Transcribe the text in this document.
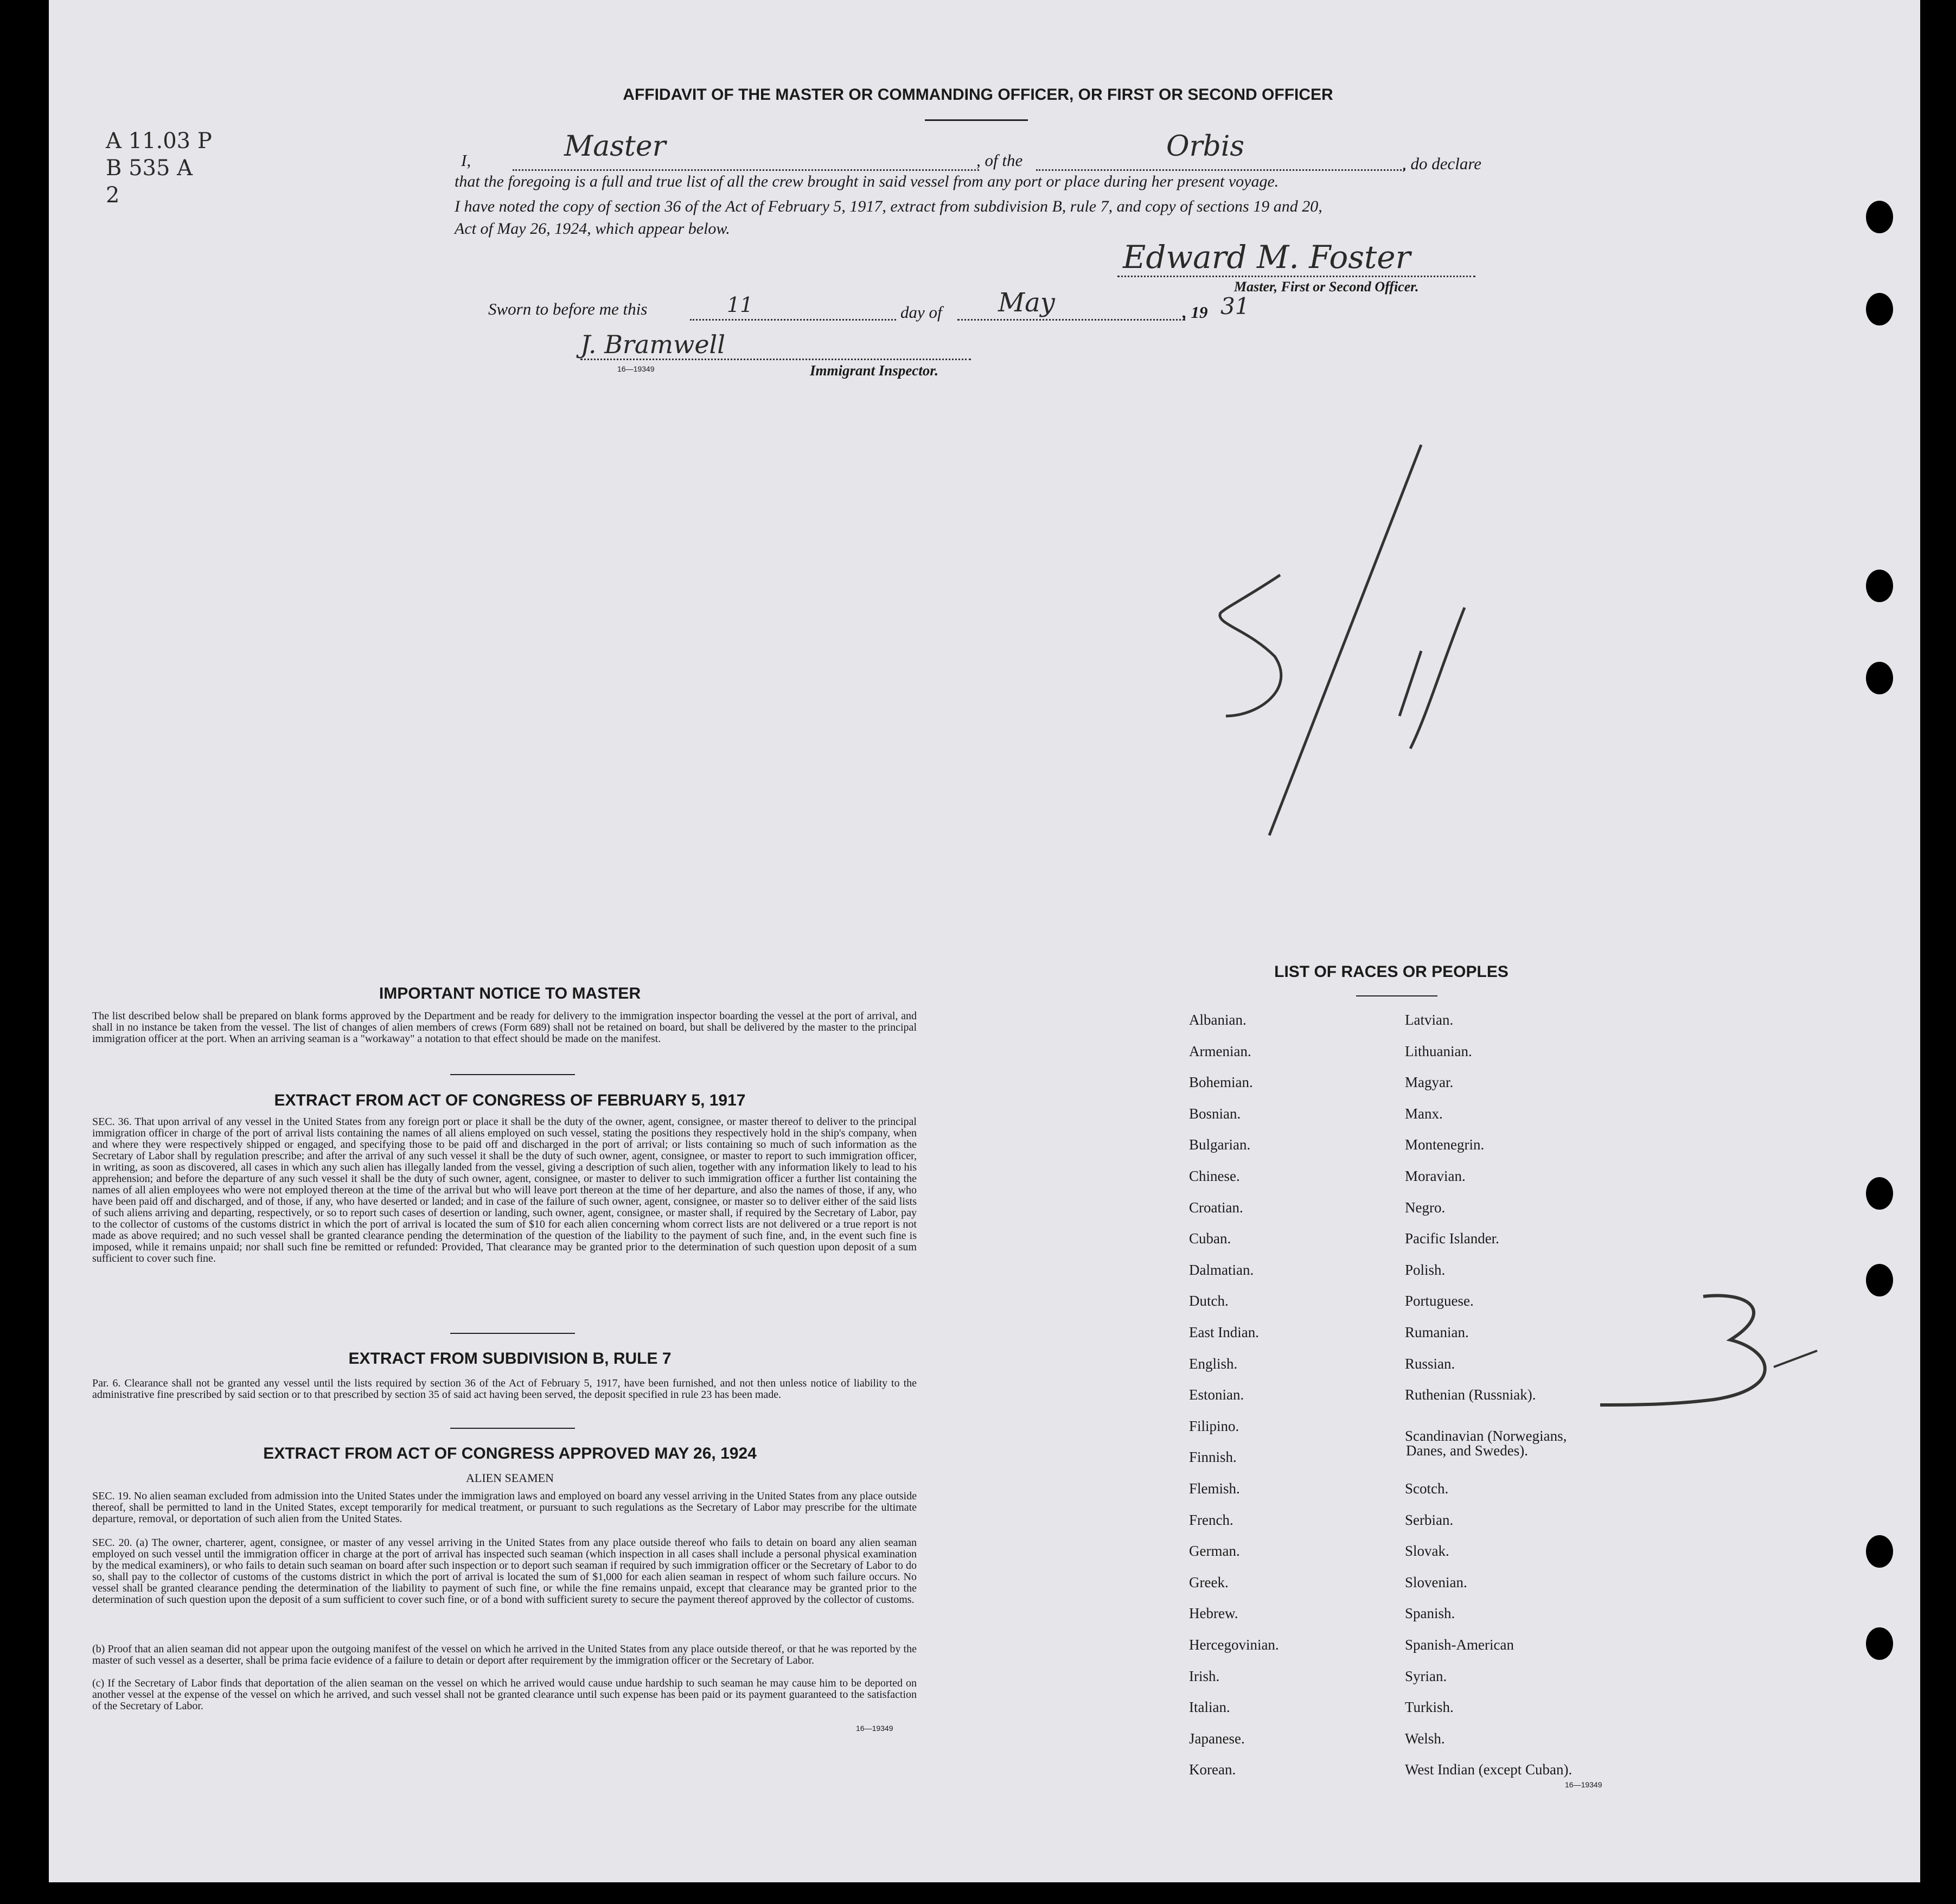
A 11.03 P
B 535 A
2
AFFIDAVIT OF THE MASTER OR COMMANDING OFFICER, OR FIRST OR SECOND OFFICER
I,	Master	, of the	Orbis
, do declare
that the foregoing is a full and true list of all the crew brought in said vessel from any port or place during her present voyage.
I have noted the copy of section 36 of the Act of February 5, 1917, extract from subdivision B, rule 7, and copy of sections 19 and 20,
Act of May 26, 1924, which appear below.
Edward M. Foster
Master, First or Second Officer.
Sworn to before me this	11	day of May	, 19 31
J. Bramwell
16—19349	Immigrant Inspector.
IMPORTANT NOTICE TO MASTER
The list described below shall be prepared on blank forms approved by the Department and be ready for delivery to the immigration inspector boarding the vessel at the port of arrival, and shall in no instance be taken from the vessel. The list of changes of alien members of crews (Form 689) shall not be retained on board, but shall be delivered by the master to the principal immigration officer at the port. When an arriving seaman is a "workaway" a notation to that effect should be made on the manifest.
EXTRACT FROM ACT OF CONGRESS OF FEBRUARY 5, 1917
SEC. 36. That upon arrival of any vessel in the United States from any foreign port or place it shall be the duty of the owner, agent, consignee, or master thereof to deliver to the principal immigration officer in charge of the port of arrival lists containing the names of all aliens employed on such vessel, stating the positions they respectively hold in the ship's company, when and where they were respectively shipped or engaged, and specifying those to be paid off and discharged in the port of arrival; or lists containing so much of such information as the Secretary of Labor shall by regulation prescribe; and after the arrival of any such vessel it shall be the duty of such owner, agent, consignee, or master to report to such immigration officer, in writing, as soon as discovered, all cases in which any such alien has illegally landed from the vessel, giving a description of such alien, together with any information likely to lead to his apprehension; and before the departure of any such vessel it shall be the duty of such owner, agent, consignee, or master to deliver to such immigration officer a further list containing the names of all alien employees who were not employed thereon at the time of the arrival but who will leave port thereon at the time of her departure, and also the names of those, if any, who have been paid off and discharged, and of those, if any, who have deserted or landed; and in case of the failure of such owner, agent, consignee, or master so to deliver either of the said lists of such aliens arriving and departing, respectively, or so to report such cases of desertion or landing, such owner, agent, consignee, or master shall, if required by the Secretary of Labor, pay to the collector of customs of the customs district in which the port of arrival is located the sum of $10 for each alien concerning whom correct lists are not delivered or a true report is not made as above required; and no such vessel shall be granted clearance pending the determination of the question of the liability to the payment of such fine, and, in the event such fine is imposed, while it remains unpaid; nor shall such fine be remitted or refunded: Provided, That clearance may be granted prior to the determination of such question upon deposit of a sum sufficient to cover such fine.
EXTRACT FROM SUBDIVISION B, RULE 7
Par. 6. Clearance shall not be granted any vessel until the lists required by section 36 of the Act of February 5, 1917, have been furnished, and not then unless notice of liability to the administrative fine prescribed by said section or to that prescribed by section 35 of said act having been served, the deposit specified in rule 23 has been made.
EXTRACT FROM ACT OF CONGRESS APPROVED MAY 26, 1924
ALIEN SEAMEN
SEC. 19. No alien seaman excluded from admission into the United States under the immigration laws and employed on board any vessel arriving in the United States from any place outside thereof, shall be permitted to land in the United States, except temporarily for medical treatment, or pursuant to such regulations as the Secretary of Labor may prescribe for the ultimate departure, removal, or deportation of such alien from the United States.
SEC. 20. (a) The owner, charterer, agent, consignee, or master of any vessel arriving in the United States from any place outside thereof who fails to detain on board any alien seaman employed on such vessel until the immigration officer in charge at the port of arrival has inspected such seaman (which inspection in all cases shall include a personal physical examination by the medical examiners), or who fails to detain such seaman on board after such inspection or to deport such seaman if required by such immigration officer or the Secretary of Labor to do so, shall pay to the collector of customs of the customs district in which the port of arrival is located the sum of $1,000 for each alien seaman in respect of whom such failure occurs. No vessel shall be granted clearance pending the determination of the liability to payment of such fine, or while the fine remains unpaid, except that clearance may be granted prior to the determination of such question upon the deposit of a sum sufficient to cover such fine, or of a bond with sufficient surety to secure the payment thereof approved by the collector of customs.
(b) Proof that an alien seaman did not appear upon the outgoing manifest of the vessel on which he arrived in the United States from any place outside thereof, or that he was reported by the master of such vessel as a deserter, shall be prima facie evidence of a failure to detain or deport after requirement by the immigration officer or the Secretary of Labor.
(c) If the Secretary of Labor finds that deportation of the alien seaman on the vessel on which he arrived would cause undue hardship to such seaman he may cause him to be deported on another vessel at the expense of the vessel on which he arrived, and such vessel shall not be granted clearance until such expense has been paid or its payment guaranteed to the satisfaction of the Secretary of Labor.
16—19349
LIST OF RACES OR PEOPLES
Albanian.
Armenian.
Bohemian.
Bosnian.
Bulgarian.
Chinese.
Croatian.
Cuban.
Dalmatian.
Dutch.
East Indian.
English.
Estonian.
Filipino.
Finnish.
Flemish.
French.
German.
Greek.
Hebrew.
Hercegovinian.
Irish.
Italian.
Japanese.
Korean.
Latvian.
Lithuanian.
Magyar.
Manx.
Montenegrin.
Moravian.
Negro.
Pacific Islander.
Polish.
Portuguese.
Rumanian.
Russian.
Ruthenian (Russniak).
Scandinavian (Norwegians,
Danes, and Swedes).
Scotch.
Serbian.
Slovak.
Slovenian.
Spanish.
Spanish-American
Syrian.
Turkish.
Welsh.
West Indian (except Cuban).
16—19349
